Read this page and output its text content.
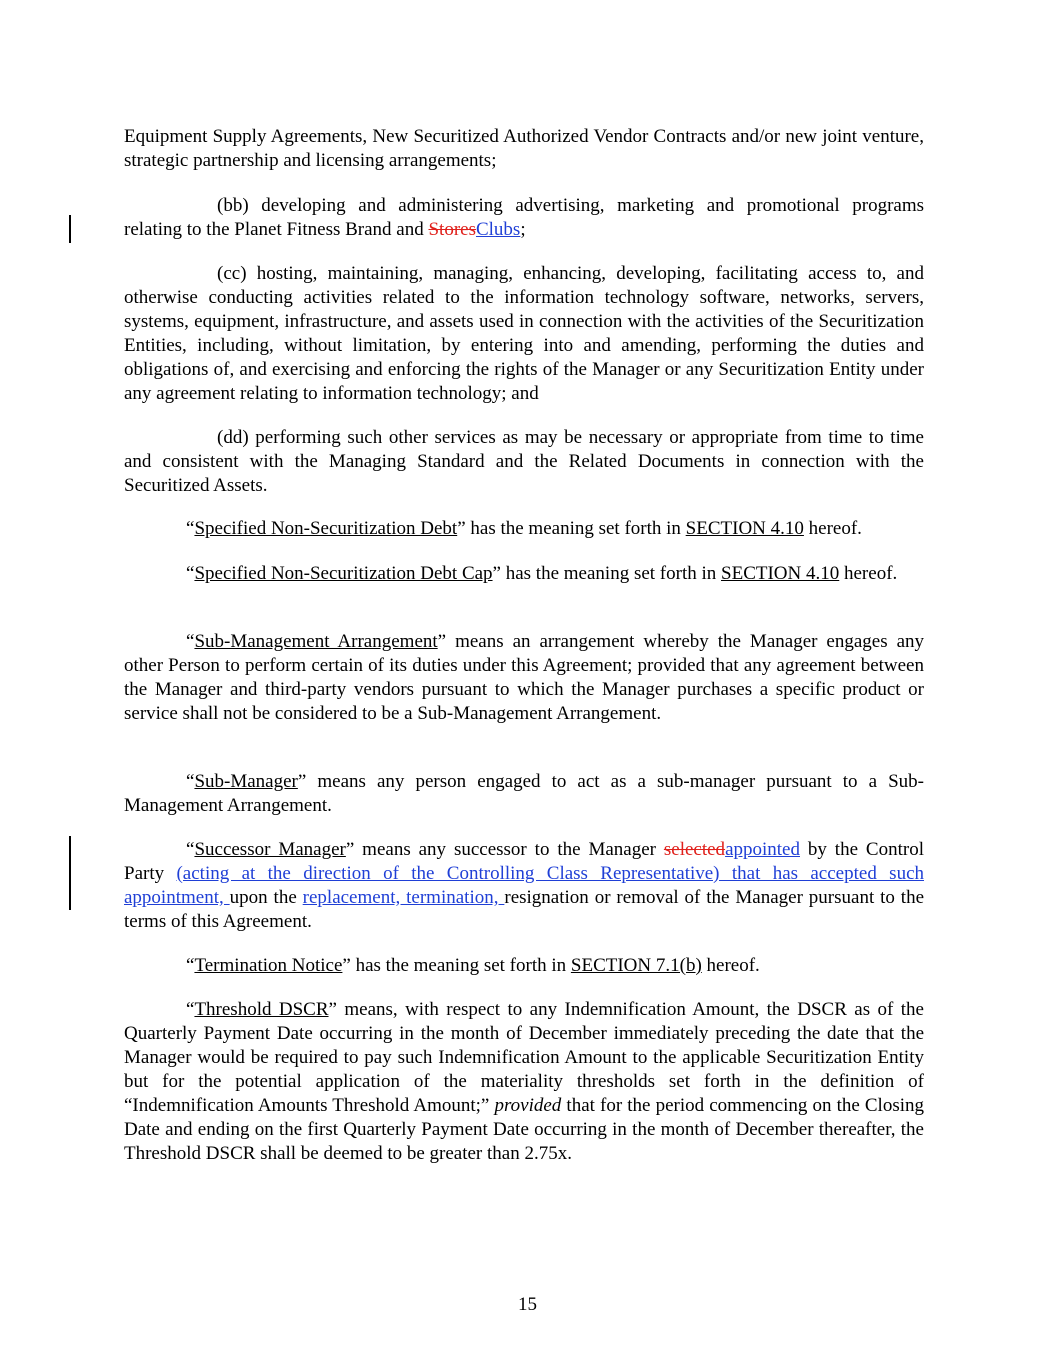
Equipment Supply Agreements, New Securitized Authorized Vendor Contracts and/or new joint venture, strategic partnership and licensing arrangements;

(bb) developing and administering advertising, marketing and promotional programs relating to the Planet Fitness Brand and StoresClubs;

(cc) hosting, maintaining, managing, enhancing, developing, facilitating access to, and otherwise conducting activities related to the information technology software, networks, servers, systems, equipment, infrastructure, and assets used in connection with the activities of the Securitization Entities, including, without limitation, by entering into and amending, performing the duties and obligations of, and exercising and enforcing the rights of the Manager or any Securitization Entity under any agreement relating to information technology; and

(dd) performing such other services as may be necessary or appropriate from time to time and consistent with the Managing Standard and the Related Documents in connection with the Securitized Assets.

“Specified Non-Securitization Debt” has the meaning set forth in SECTION 4.10 hereof.

“Specified Non-Securitization Debt Cap” has the meaning set forth in SECTION 4.10 hereof.

“Sub-Management Arrangement” means an arrangement whereby the Manager engages any other Person to perform certain of its duties under this Agreement; provided that any agreement between the Manager and third-party vendors pursuant to which the Manager purchases a specific product or service shall not be considered to be a Sub-Management Arrangement.

“Sub-Manager” means any person engaged to act as a sub-manager pursuant to a Sub-Management Arrangement.

“Successor Manager” means any successor to the Manager selectedappointed by the Control Party (acting at the direction of the Controlling Class Representative) that has accepted such appointment, upon the replacement, termination, resignation or removal of the Manager pursuant to the terms of this Agreement.

“Termination Notice” has the meaning set forth in SECTION 7.1(b) hereof.

“Threshold DSCR” means, with respect to any Indemnification Amount, the DSCR as of the Quarterly Payment Date occurring in the month of December immediately preceding the date that the Manager would be required to pay such Indemnification Amount to the applicable Securitization Entity but for the potential application of the materiality thresholds set forth in the definition of “Indemnification Amounts Threshold Amount;” provided that for the period commencing on the Closing Date and ending on the first Quarterly Payment Date occurring in the month of December thereafter, the Threshold DSCR shall be deemed to be greater than 2.75x.

15
